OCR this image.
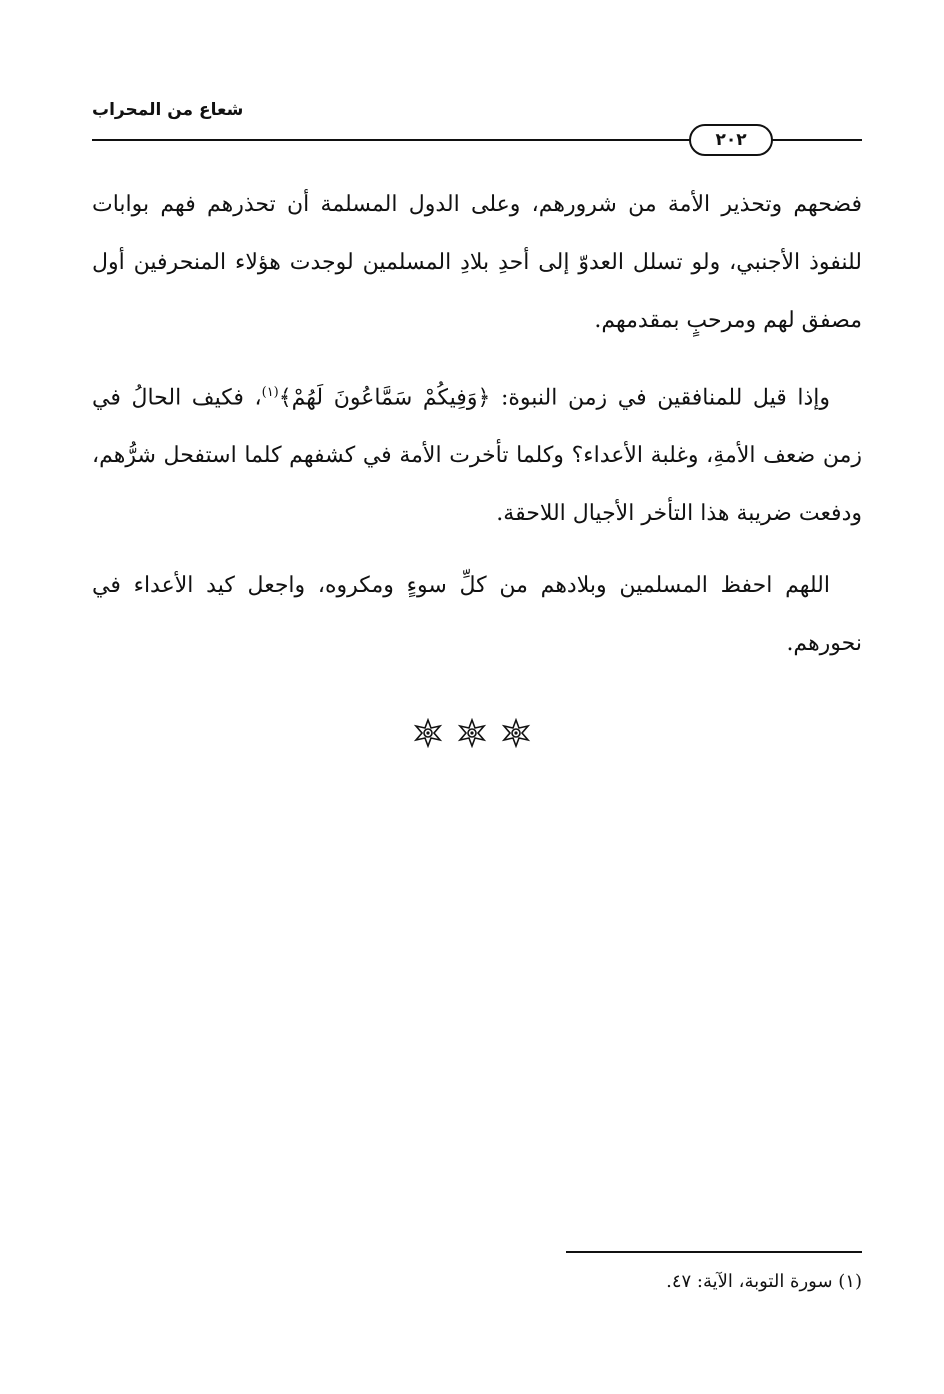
شعاع من المحراب
٢٠٢

فضحهم وتحذير الأمة من شرورهم، وعلى الدول المسلمة أن تحذرهم فهم بوابات للنفوذ الأجنبي، ولو تسلل العدوّ إلى أحدِ بلادِ المسلمين لوجدت هؤلاء المنحرفين أول مصفق لهم ومرحبٍ بمقدمهم.

وإذا قيل للمنافقين في زمن النبوة: ﴿وَفِيكُمْ سَمَّاعُونَ لَهُمْ﴾$^{(١)}$، فكيف الحالُ في زمن ضعف الأمةِ، وغلبة الأعداء؟ وكلما تأخرت الأمة في كشفهم كلما استفحل شرُّهم، ودفعت ضريبة هذا التأخر الأجيال اللاحقة.

اللهم احفظ المسلمين وبلادهم من كلِّ سوءٍ ومكروه، واجعل كيد الأعداء في نحورهم.

(١) سورة التوبة، الآية: ٤٧.
